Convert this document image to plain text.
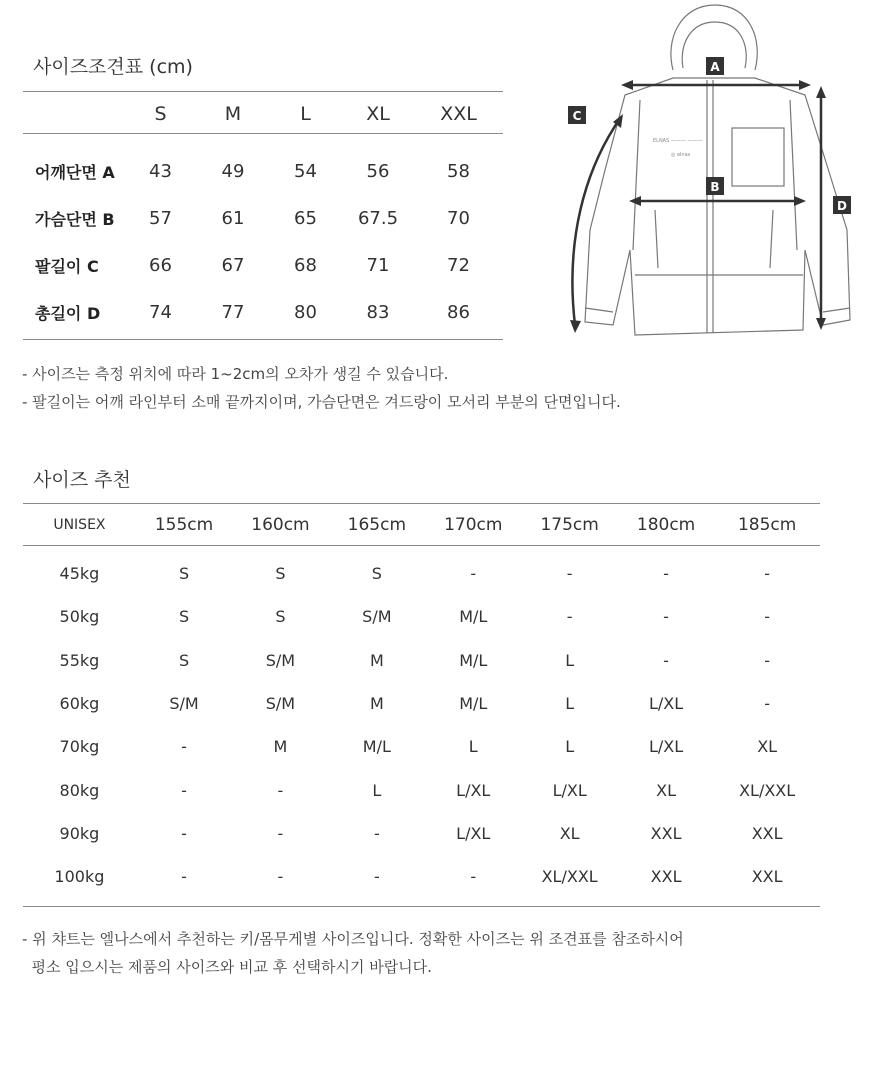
사이즈조견표 (cm)
	S	M	L	XL	XXL

어깨단면 A	43	49	54	56	58
가슴단면 B	57	61	65	67.5	70
팔길이 C	66	67	68	71	72
총길이 D	74	77	80	83	86
- 사이즈는 측정 위치에 따라 1~2cm의 오차가 생길 수 있습니다.
- 팔길이는 어깨 라인부터 소매 끝까지이며, 가슴단면은 겨드랑이 모서리 부분의 단면입니다.
ELNAS ——— ———
◎ elnas
A
B
C
D
사이즈 추천
UNISEX	155cm	160cm	165cm	170cm	175cm	180cm	185cm

45kg	S	S	S	-	-	-	-
50kg	S	S	S/M	M/L	-	-	-
55kg	S	S/M	M	M/L	L	-	-
60kg	S/M	S/M	M	M/L	L	L/XL	-
70kg	-	M	M/L	L	L	L/XL	XL
80kg	-	-	L	L/XL	L/XL	XL	XL/XXL
90kg	-	-	-	L/XL	XL	XXL	XXL
100kg	-	-	-	-	XL/XXL	XXL	XXL
- 위 챠트는 엘나스에서 추천하는 키/몸무게별 사이즈입니다. 정확한 사이즈는 위 조견표를 참조하시어
평소 입으시는 제품의 사이즈와 비교 후 선택하시기 바랍니다.
